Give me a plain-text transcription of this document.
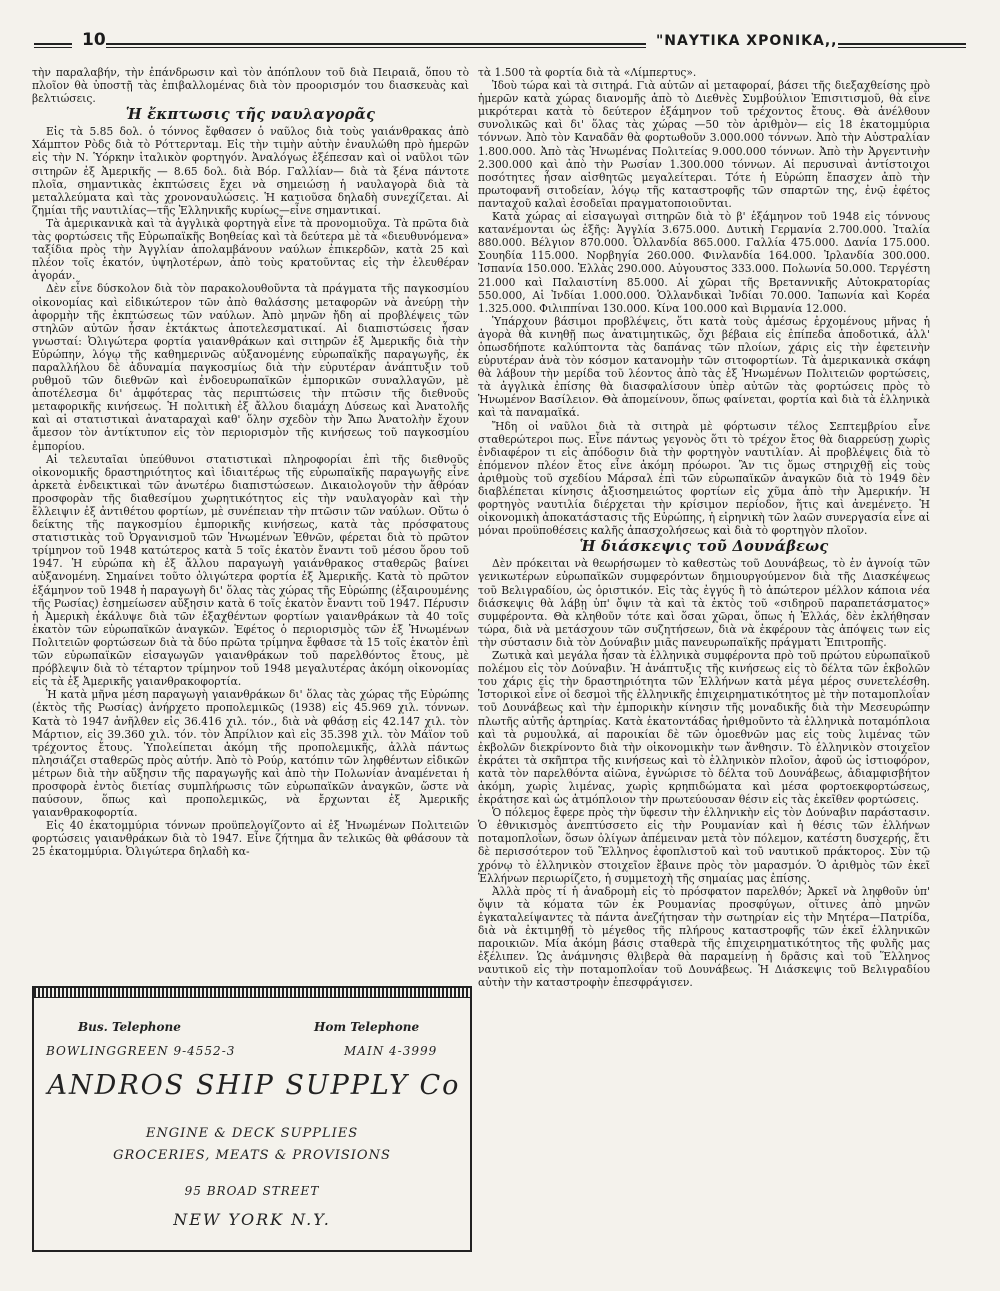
10	"ΝΑΥΤΙΚΑ ΧΡΟΝΙΚΑ,,

τὴν παραλαβήν, τὴν ἐπάνδρωσιν καὶ τὸν ἀπόπλουν τοῦ διὰ Πειραιᾶ, ὅπου τὸ πλοῖον θὰ ὑποστῇ τὰς ἐπιβαλλομένας διὰ τὸν προορισμόν του διασκευὰς καὶ βελτιώσεις.

Ἡ ἔκπτωσις τῆς ναυλαγορᾶς

Εἰς τὰ 5.85 δολ. ὁ τόννος ἔφθασεν ὁ ναῦλος διὰ τοὺς γαιάνθρακας ἀπὸ Χάμπτον Ρὸδς διὰ τὸ Ρόττερνταμ. Εἰς τὴν τιμὴν αὐτὴν ἐναυλώθη πρὸ ἡμερῶν εἰς τὴν Ν. Ὑόρκην ἰταλικὸν φορτηγόν. Ἀναλόγως ἐξέπεσαν καὶ οἱ ναῦλοι τῶν σιτηρῶν ἐξ Ἀμερικῆς — 8.65 δολ. διὰ Βόρ. Γαλλίαν— διὰ τὰ ξένα πάντοτε πλοῖα, σημαντικὰς ἐκπτώσεις ἔχει νὰ σημειώσῃ ἡ ναυλαγορὰ διὰ τὰ μεταλλεύματα καὶ τὰς χρονοναυλώσεις. Ἡ κατιοῦσα δηλαδὴ συνεχίζεται. Αἱ ζημίαι τῆς ναυτιλίας—τῆς Ἑλληνικῆς κυρίως—εἶνε σημαντικαί.

Τὰ ἀμερικανικὰ καὶ τὰ ἀγγλικὰ φορτηγὰ εἶνε τὰ προνομιοῦχα. Τὰ πρῶτα διὰ τὰς φορτώσεις τῆς Εὐρωπαϊκῆς Βοηθείας καὶ τὰ δεύτερα μὲ τὰ «διευθυνόμενα» ταξίδια πρὸς τὴν Ἀγγλίαν ἀπολαμβάνουν ναύλων ἐπικερδῶν, κατὰ 25 καὶ πλέον τοῖς ἑκατόν, ὑψηλοτέρων, ἀπὸ τοὺς κρατοῦντας εἰς τὴν ἐλευθέραν ἀγοράν.

Δὲν εἶνε δύσκολον διὰ τὸν παρακολουθοῦντα τὰ πράγματα τῆς παγκοσμίου οἰκονομίας καὶ εἰδικώτερον τῶν ἀπὸ θαλάσσης μεταφορῶν νὰ ἀνεύρῃ τὴν ἀφορμὴν τῆς ἐκπτώσεως τῶν ναύλων. Ἀπὸ μηνῶν ἤδη αἱ προβλέψεις τῶν στηλῶν αὐτῶν ἦσαν ἐκτάκτως ἀποτελεσματικαί. Αἱ διαπιστώσεις ἦσαν γνωσταί: Ὀλιγώτερα φορτία γαιανθράκων καὶ σιτηρῶν ἐξ Ἀμερικῆς διὰ τὴν Εὐρώπην, λόγῳ τῆς καθημερινῶς αὐξανομένης εὐρωπαϊκῆς παραγωγῆς, ἐκ παραλλήλου δὲ ἀδυναμία παγκοσμίως διὰ τὴν εὐρυτέραν ἀνάπτυξιν τοῦ ρυθμοῦ τῶν διεθνῶν καὶ ἐνδοευρωπαϊκῶν ἐμπορικῶν συναλλαγῶν, μὲ ἀποτέλεσμα δι' ἀμφότερας τὰς περιπτώσεις τὴν πτῶσιν τῆς διεθνοῦς μεταφορικῆς κινήσεως. Ἡ πολιτικὴ ἐξ ἄλλου διαμάχη Δύσεως καὶ Ἀνατολῆς καὶ αἱ στατιστικαὶ ἀναταραχαὶ καθ' ὅλην σχεδὸν τὴν Ἄπω Ἀνατολὴν ἔχουν ἄμεσον τὸν ἀντίκτυπον εἰς τὸν περιορισμὸν τῆς κινήσεως τοῦ παγκοσμίου ἐμπορίου.

Αἱ τελευταῖαι ὑπεύθυνοι στατιστικαὶ πληροφορίαι ἐπὶ τῆς διεθνοῦς οἰκονομικῆς δραστηριότητος καὶ ἰδιαιτέρως τῆς εὐρωπαϊκῆς παραγωγῆς εἶνε ἀρκετὰ ἐνδεικτικαὶ τῶν ἀνωτέρω διαπιστώσεων. Δικαιολογοῦν τὴν ἄθρόαν προσφορὰν τῆς διαθεσίμου χωρητικότητος εἰς τὴν ναυλαγορὰν καὶ τὴν ἔλλειψιν ἐξ ἀντιθέτου φορτίων, μὲ συνέπειαν τὴν πτῶσιν τῶν ναύλων. Οὕτω ὁ δείκτης τῆς παγκοσμίου ἐμπορικῆς κινήσεως, κατὰ τὰς πρόσφατους στατιστικὰς τοῦ Ὀργανισμοῦ τῶν Ἡνωμένων Ἐθνῶν, φέρεται διὰ τὸ πρῶτον τρίμηνον τοῦ 1948 κατώτερος κατὰ 5 τοῖς ἑκατὸν ἔναντι τοῦ μέσου ὅρου τοῦ 1947. Ἡ εὐρώπα κὴ ἐξ ἄλλου παραγωγὴ γαιάνθρακος σταθερῶς βαίνει αὐξανομένη. Σημαίνει τοῦτο ὀλιγώτερα φορτία ἐξ Ἀμερικῆς. Κατὰ τὸ πρῶτον ἑξάμηνον τοῦ 1948 ἡ παραγωγὴ δι' ὅλας τὰς χώρας τῆς Εὐρώπης (ἐξαιρουμένης τῆς Ρωσίας) ἐσημείωσεν αὔξησιν κατὰ 6 τοῖς ἑκατὸν ἔναντι τοῦ 1947. Πέρυσιν ἡ Ἀμερικὴ ἐκάλυψε διὰ τῶν ἐξαχθέντων φορτίων γαιανθράκων τὰ 40 τοῖς ἑκατὸν τῶν εὐρωπαϊκῶν ἀναγκῶν. Ἐφέτος ὁ περιορισμὸς τῶν ἐξ Ἡνωμένων Πολιτειῶν φορτώσεων διὰ τὰ δύο πρῶτα τρίμηνα ἔφθασε τὰ 15 τοῖς ἑκατὸν ἐπὶ τῶν εὐρωπαϊκῶν εἰσαγωγῶν γαιανθράκων τοῦ παρελθόντος ἔτους, μὲ πρόβλεψιν διὰ τὸ τέταρτον τρίμηνον τοῦ 1948 μεγαλυτέρας ἀκόμη οἰκονομίας εἰς τὰ ἐξ Ἀμερικῆς γαιανθρακοφορτία.

Ἡ κατὰ μῆνα μέση παραγωγὴ γαιανθράκων δι' ὅλας τὰς χώρας τῆς Εὐρώπης (ἐκτὸς τῆς Ρωσίας) ἀνήρχετο προπολεμικῶς (1938) εἰς 45.969 χιλ. τόννων. Κατὰ τὸ 1947 ἀνῆλθεν εἰς 36.416 χιλ. τόν., διὰ νὰ φθάσῃ εἰς 42.147 χιλ. τὸν Μάρτιον, εἰς 39.360 χιλ. τόν. τὸν Ἀπρίλιον καὶ εἰς 35.398 χιλ. τὸν Μάϊον τοῦ τρέχοντος ἔτους. Ὑπολείπεται ἀκόμη τῆς προπολεμικῆς, ἀλλὰ πάντως πλησιάζει σταθερῶς πρὸς αὐτήν. Ἀπὸ τὸ Ρούρ, κατόπιν τῶν ληφθέντων εἰδικῶν μέτρων διὰ τὴν αὔξησιν τῆς παραγωγῆς καὶ ἀπὸ τὴν Πολωνίαν ἀναμένεται ἡ προσφορὰ ἐντὸς διετίας συμπλήρωσις τῶν εὐρωπαϊκῶν ἀναγκῶν, ὥστε νὰ παύσουν, ὅπως καὶ προπολεμικῶς, νὰ ἔρχωνται ἐξ Ἀμερικῆς γαιανθρακοφορτία.

Εἰς 40 ἑκατομμύρια τόννων προϋπελογίζοντο αἱ ἐξ Ἡνωμένων Πολιτειῶν φορτώσεις γαιανθράκων διὰ τὸ 1947. Εἶνε ζήτημα ἂν τελικῶς θὰ φθάσουν τὰ 25 ἑκατομμύρια. Ὀλιγώτερα δηλαδὴ κα-

τὰ 1.500 τὰ φορτία διὰ τὰ «Λίμπερτυς».

Ἰδοὺ τώρα καὶ τὰ σιτηρά. Γιὰ αὐτῶν αἱ μεταφοραί, βάσει τῆς διεξαχθείσης πρὸ ἡμερῶν κατὰ χώρας διανομῆς ἀπὸ τὸ Διεθνὲς Συμβούλιον Ἐπισιτισμοῦ, θὰ εἶνε μικρότεραι κατὰ τὸ δεύτερον ἑξάμηνον τοῦ τρέχοντος ἔτους. Θὰ ἀνέλθουν συνολικῶς καὶ δι' ὅλας τὰς χώρας —50 τὸν ἀριθμὸν— εἰς 18 ἑκατομμύρια τόννων. Ἀπὸ τὸν Καναδᾶν θὰ φορτωθοῦν 3.000.000 τόννων. Ἀπὸ τὴν Αὐστραλίαν 1.800.000. Ἀπὸ τὰς Ἡνωμένας Πολιτείας 9.000.000 τόννων. Ἀπὸ τὴν Ἀργεντινὴν 2.300.000 καὶ ἀπὸ τὴν Ρωσίαν 1.300.000 τόννων. Αἱ περυσιναὶ ἀντίστοιχοι ποσότητες ἦσαν αἰσθητῶς μεγαλείτεραι. Τότε ἡ Εὐρώπη ἔπασχεν ἀπὸ τὴν πρωτοφανῆ σιτοδείαν, λόγῳ τῆς καταστροφῆς τῶν σπαρτῶν της, ἐνῷ ἐφέτος πανταχοῦ καλαὶ ἐσοδεῖαι πραγματοποιοῦνται.

Κατὰ χώρας αἱ εἰσαγωγαὶ σιτηρῶν διὰ τὸ β' ἑξάμηνον τοῦ 1948 εἰς τόννους κατανέμονται ὡς ἑξῆς: Ἀγγλία 3.675.000. Δυτικὴ Γερμανία 2.700.000. Ἰταλία 880.000. Βέλγιον 870.000. Ὁλλανδία 865.000. Γαλλία 475.000. Δανία 175.000. Σουηδία 115.000. Νορβηγία 260.000. Φινλανδία 164.000. Ἰρλανδία 300.000. Ἰσπανία 150.000. Ἑλλὰς 290.000. Αὐγουστος 333.000. Πολωνία 50.000. Τεργέστη 21.000 καὶ Παλαιστίνη 85.000. Αἱ χῶραι τῆς Βρεταννικῆς Αὐτοκρατορίας 550.000, Αἱ Ἰνδίαι 1.000.000. Ὁλλανδικαὶ Ἰνδίαι 70.000. Ἰαπωνία καὶ Κορέα 1.325.000. Φιλιππίναι 130.000. Κίνα 100.000 καὶ Βιρμανία 12.000.

Ὑπάρχουν βάσιμοι προβλέψεις, ὅτι κατὰ τοὺς ἀμέσως ἐρχομένους μῆνας ἡ ἀγορὰ θὰ κινηθῇ πως ἀνατιμητικῶς, ὄχι βέβαια εἰς ἐπίπεδα ἀποδοτικά, ἀλλ' ὁπωσδήποτε καλύπτοντα τὰς δαπάνας τῶν πλοίων, χάρις εἰς τὴν ἐφετεινὴν εὐρυτέραν ἀνὰ τὸν κόσμον κατανομὴν τῶν σιτοφορτίων. Τὰ ἀμερικανικὰ σκάφη θὰ λάβουν τὴν μερίδα τοῦ λέοντος ἀπὸ τὰς ἐξ Ἡνωμένων Πολιτειῶν φορτώσεις, τὰ ἀγγλικὰ ἐπίσης θὰ διασφαλίσουν ὑπὲρ αὐτῶν τὰς φορτώσεις πρὸς τὸ Ἡνωμένον Βασίλειον. Θὰ ἀπομείνουν, ὅπως φαίνεται, φορτία καὶ διὰ τὰ ἑλληνικὰ καὶ τὰ παναμαϊκά.

Ἤδη οἱ ναῦλοι διὰ τὰ σιτηρὰ μὲ φόρτωσιν τέλος Σεπτεμβρίου εἶνε σταθερώτεροι πως. Εἶνε πάντως γεγονὸς ὅτι τὸ τρέχον ἔτος θὰ διαρρεύσῃ χωρὶς ἐνδιαφέρον τι εἰς ἀπόδοσιν διὰ τὴν φορτηγὸν ναυτιλίαν. Αἱ προβλέψεις διὰ τὸ ἐπόμενον πλέον ἔτος εἶνε ἀκόμη πρόωροι. Ἂν τις ὅμως στηριχθῇ εἰς τοὺς ἀριθμοὺς τοῦ σχεδίου Μάρσαλ ἐπὶ τῶν εὐρωπαϊκῶν ἀναγκῶν διὰ τὸ 1949 δὲν διαβλέπεται κίνησις ἀξιοσημειώτος φορτίων εἰς χῦμα ἀπὸ τὴν Ἀμερικήν. Ἡ φορτηγὸς ναυτιλία διέρχεται τὴν κρίσιμον περίοδον, ἥτις καὶ ἀνεμένετο. Ἡ οἰκονομικὴ ἀποκατάστασις τῆς Εὐρώπης, ἡ εἰρηνικὴ τῶν λαῶν συνεργασία εἶνε αἱ μόναι προϋποθέσεις καλῆς ἀπασχολήσεως καὶ διὰ τὸ φορτηγὸν πλοῖον.

Ἡ διάσκεψις τοῦ Δουνάβεως

Δὲν πρόκειται νὰ θεωρήσωμεν τὸ καθεστὼς τοῦ Δουνάβεως, τὸ ἐν ἀγνοίᾳ τῶν γενικωτέρων εὐρωπαϊκῶν συμφερόντων δημιουργούμενον διὰ τῆς Διασκέψεως τοῦ Βελιγραδίου, ὡς ὁριστικόν. Εἰς τὰς ἐγγύς ἢ τὸ ἀπώτερον μέλλον κάποια νέα διάσκεψις θὰ λάβῃ ὑπ' ὄψιν τὰ καὶ τὰ ἐκτὸς τοῦ «σιδηροῦ παραπετάσματος» συμφέροντα. Θὰ κληθοῦν τότε καὶ ὅσαι χῶραι, ὅπως ἡ Ἑλλάς, δὲν ἐκλήθησαν τώρα, διὰ νὰ μετάσχουν τῶν συζητήσεων, διὰ νὰ ἐκφέρουν τὰς ἀπόψεις των εἰς τὴν σύστασιν διὰ τὸν Δούναβιν μιᾶς πανευρωπαϊκῆς πράγματι Ἐπιτροπῆς.

Ζωτικὰ καὶ μεγάλα ἦσαν τὰ ἑλληνικὰ συμφέροντα πρὸ τοῦ πρώτου εὐρωπαϊκοῦ πολέμου εἰς τὸν Δούναβιν. Ἡ ἀνάπτυξις τῆς κινήσεως εἰς τὸ δέλτα τῶν ἐκβολῶν του χάρις εἰς τὴν δραστηριότητα τῶν Ἑλλήνων κατὰ μέγα μέρος συνετελέσθη. Ἱστορικοὶ εἶνε οἱ δεσμοὶ τῆς ἑλληνικῆς ἐπιχειρηματικότητος μὲ τὴν ποταμοπλοΐαν τοῦ Δουνάβεως καὶ τὴν ἐμπορικὴν κίνησιν τῆς μοναδικῆς διὰ τὴν Μεσευρώπην πλωτῆς αὐτῆς ἀρτηρίας. Κατὰ ἑκατοντάδας ἠριθμοῦντο τὰ ἑλληνικὰ ποταμόπλοια καὶ τὰ ρυμουλκά, αἱ παροικίαι δὲ τῶν ὁμοεθνῶν μας εἰς τοὺς λιμένας τῶν ἐκβολῶν διεκρίνοντο διὰ τὴν οἰκονομικὴν των ἄνθησιν. Τὸ ἑλληνικὸν στοιχεῖον ἐκράτει τὰ σκῆπτρα τῆς κινήσεως καὶ τὸ ἑλληνικὸν πλοῖον, ἀφοῦ ὡς ἱστιοφόρον, κατὰ τὸν παρελθόντα αἰῶνα, ἐγνώρισε τὸ δέλτα τοῦ Δουνάβεως, ἀδιαμφισβήτον ἀκόμη, χωρὶς λιμένας, χωρὶς κρηπιδώματα καὶ μέσα φορτοεκφορτώσεως, ἐκράτησε καὶ ὡς ἀτμόπλοιον τὴν πρωτεύουσαν θέσιν εἰς τὰς ἐκεῖθεν φορτώσεις.

Ὁ πόλεμος ἔφερε πρὸς τὴν ὕφεσιν τὴν ἑλληνικὴν εἰς τὸν Δούναβιν παράστασιν. Ὁ ἐθνικισμὸς ἀνεπτύσσετο εἰς τὴν Ρουμανίαν καὶ ἡ θέσις τῶν ἑλλήνων ποταμοπλοΐων, ὅσων ὀλίγων ἀπέμειναν μετὰ τὸν πόλεμον, κατέστη δυσχερής, ἔτι δὲ περισσότερον τοῦ Ἕλληνος ἐφοπλιστοῦ καὶ τοῦ ναυτικοῦ πράκτορος. Σὺν τῷ χρόνῳ τὸ ἑλληνικὸν στοιχεῖον ἔβαινε πρὸς τὸν μαρασμόν. Ὁ ἀριθμὸς τῶν ἐκεῖ Ἑλλήνων περιωρίζετο, ἡ συμμετοχὴ τῆς σημαίας μας ἐπίσης.

Ἀλλὰ πρὸς τί ἡ ἀναδρομὴ εἰς τὸ πρόσφατον παρελθόν; Ἀρκεῖ νὰ ληφθοῦν ὑπ' ὄψιν τὰ κόματα τῶν ἐκ Ρουμανίας προσφύγων, οἵτινες ἀπὸ μηνῶν ἐγκαταλείψαντες τὰ πάντα ἀνεζήτησαν τὴν σωτηρίαν εἰς τὴν Μητέρα—Πατρίδα, διὰ νὰ ἐκτιμηθῇ τὸ μέγεθος τῆς πλήρους καταστροφῆς τῶν ἐκεῖ ἑλληνικῶν παροικιῶν. Μία ἀκόμη βάσις σταθερὰ τῆς ἐπιχειρηματικότητος τῆς φυλῆς μας ἐξέλιπεν. Ὡς ἀνάμνησις θλιβερὰ θὰ παραμείνῃ ἡ δρᾶσις καὶ τοῦ Ἕλληνος ναυτικοῦ εἰς τὴν ποταμοπλοΐαν τοῦ Δουνάβεως. Ἡ Διάσκεψις τοῦ Βελιγραδίου αὐτὴν τὴν καταστροφὴν ἐπεσφράγισεν.

Bus. Telephone	Hom Telephone
BOWLINGGREEN 9-4552-3	MAIN 4-3999
ANDROS SHIP SUPPLY Co
ENGINE & DECK SUPPLIES
GROCERIES, MEATS & PROVISIONS
95 BROAD STREET
NEW YORK N.Y.
